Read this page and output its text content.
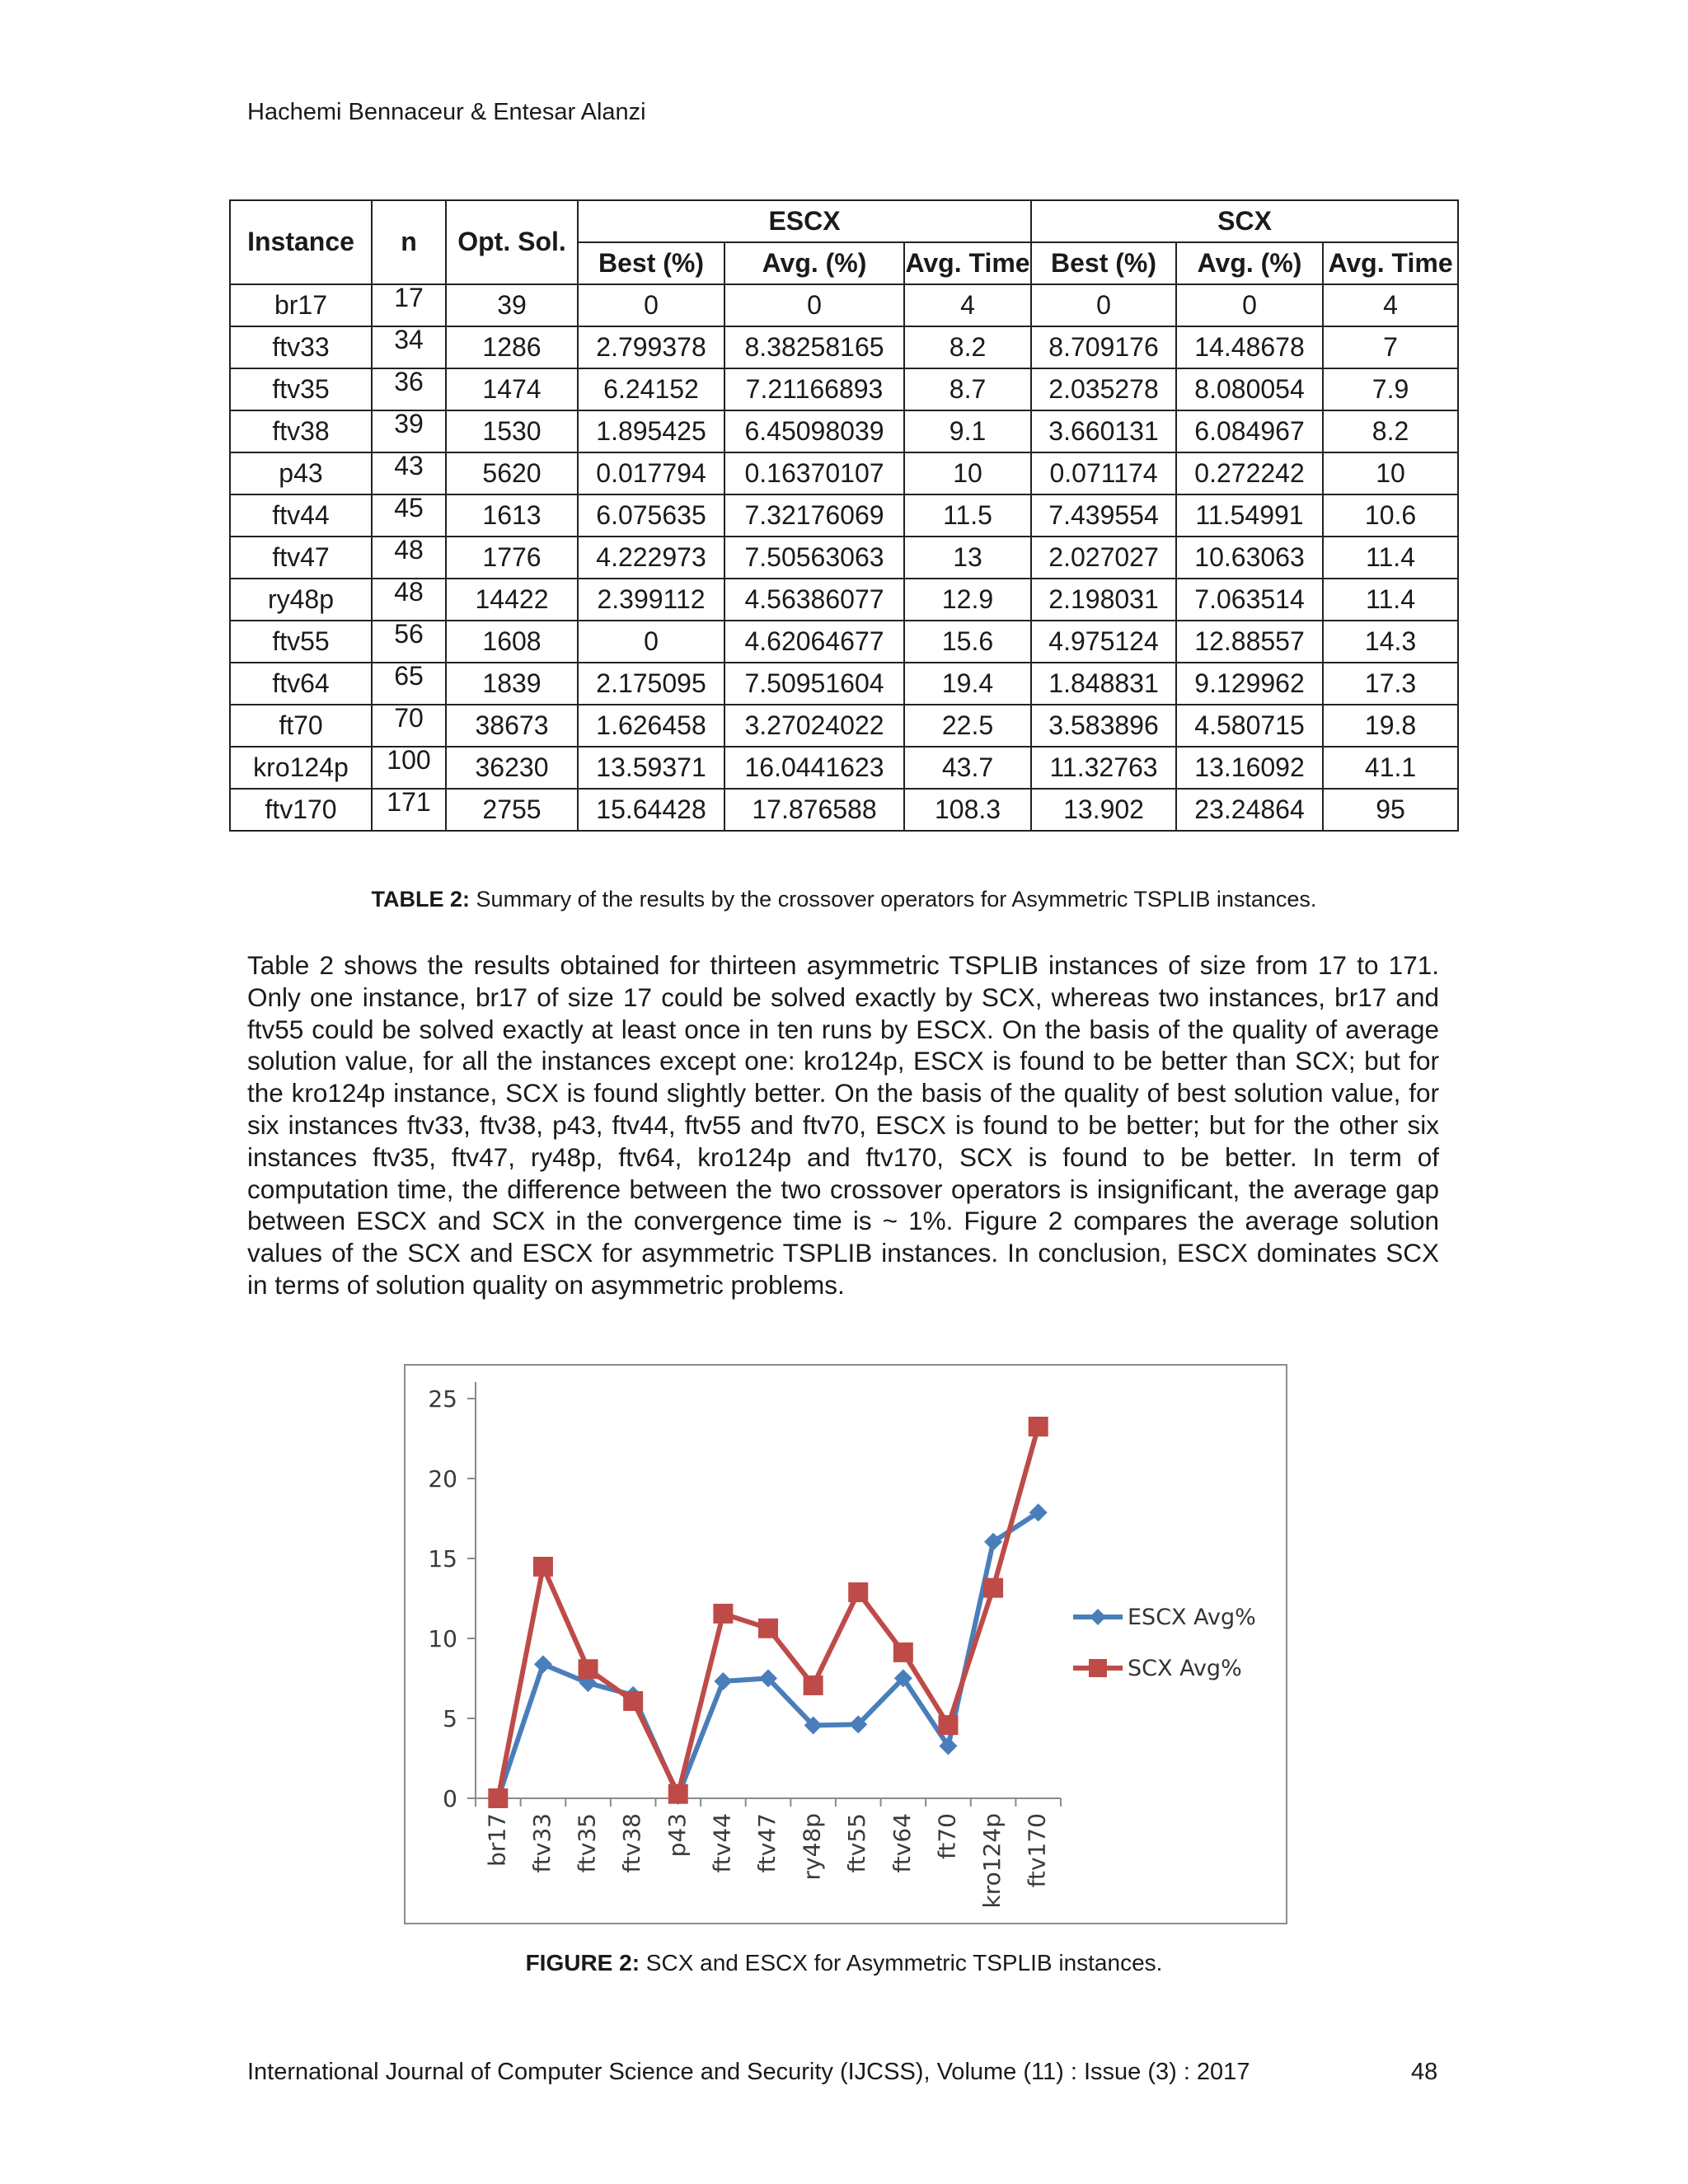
Hachemi Bennaceur & Entesar Alanzi
Instance	n	Opt. Sol.	ESCX			SCX		
			Best (%)	Avg. (%)	Avg. Time	Best (%)	Avg. (%)	Avg. Time
br17	17	39	0	0	4	0	0	4
ftv33	34	1286	2.799378	8.38258165	8.2	8.709176	14.48678	7
ftv35	36	1474	6.24152	7.21166893	8.7	2.035278	8.080054	7.9
ftv38	39	1530	1.895425	6.45098039	9.1	3.660131	6.084967	8.2
p43	43	5620	0.017794	0.16370107	10	0.071174	0.272242	10
ftv44	45	1613	6.075635	7.32176069	11.5	7.439554	11.54991	10.6
ftv47	48	1776	4.222973	7.50563063	13	2.027027	10.63063	11.4
ry48p	48	14422	2.399112	4.56386077	12.9	2.198031	7.063514	11.4
ftv55	56	1608	0	4.62064677	15.6	4.975124	12.88557	14.3
ftv64	65	1839	2.175095	7.50951604	19.4	1.848831	9.129962	17.3
ft70	70	38673	1.626458	3.27024022	22.5	3.583896	4.580715	19.8
kro124p	100	36230	13.59371	16.0441623	43.7	11.32763	13.16092	41.1
ftv170	171	2755	15.64428	17.876588	108.3	13.902	23.24864	95
TABLE 2: Summary of the results by the crossover operators for Asymmetric TSPLIB instances.
Table 2 shows the results obtained for thirteen asymmetric TSPLIB instances of size from 17 to 171. Only one instance, br17 of size 17 could be solved exactly by SCX, whereas two instances, br17 and ftv55 could be solved exactly at least once in ten runs by ESCX. On the basis of the quality of average solution value, for all the instances except one: kro124p, ESCX is found to be better than SCX; but for the kro124p instance, SCX is found slightly better. On the basis of the quality of best solution value, for six instances ftv33, ftv38, p43, ftv44, ftv55 and ftv70, ESCX is found to be better; but for the other six instances ftv35, ftv47, ry48p, ftv64, kro124p and ftv170, SCX is found to be better. In term of computation time, the difference between the two crossover operators is insignificant, the average gap between ESCX and SCX in the convergence time is ~ 1%. Figure 2 compares the average solution values of the SCX and ESCX for asymmetric TSPLIB instances. In conclusion, ESCX dominates SCX in terms of solution quality on asymmetric problems.
0
5
10
15
20
25
br17 ftv33 ftv35 ftv38 p43 ftv44 ftv47 ry48p ftv55 ftv64 ft70 kro124p ftv170
ESCX Avg%
SCX Avg%
FIGURE 2: SCX and ESCX for Asymmetric TSPLIB instances.
International Journal of Computer Science and Security (IJCSS), Volume (11) : Issue (3) : 2017	48
